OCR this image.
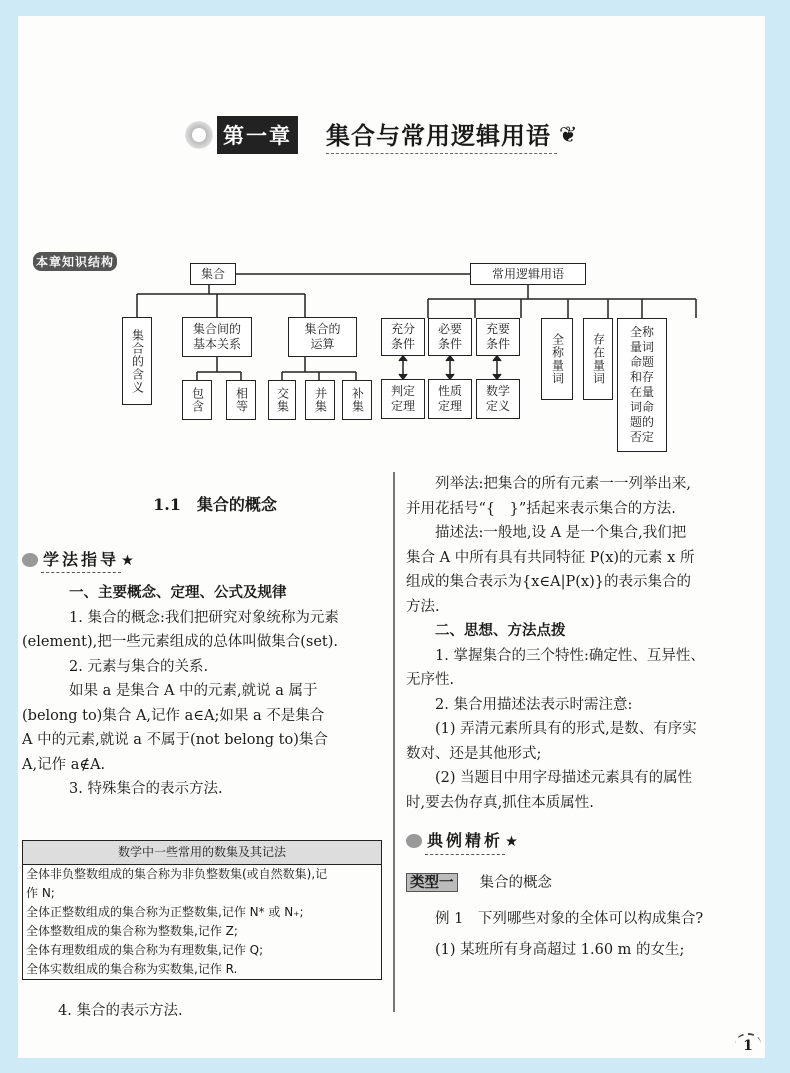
第一章 集合与常用逻辑用语 ❦
本章知识结构
集合	常用逻辑用语
集合的含义	集合间的基本关系
集合的运算
包含	相等	交集	并集	补集
充分条件
必要条件
充要条件
判定定理
性质定理
数学定义
全称量词	存在量词
全称量词命题和存在量词命题的否定

1.1　集合的概念

学法指导 ★

一、主要概念、定理、公式及规律

1. 集合的概念:我们把研究对象统称为元素

(element),把一些元素组成的总体叫做集合(set).

2. 元素与集合的关系.

如果 a 是集合 A 中的元素,就说 a 属于

(belong to)集合 A,记作 a∈A;如果 a 不是集合

A 中的元素,就说 a 不属于(not belong to)集合

A,记作 a∉A.

3. 特殊集合的表示方法.

数学中一些常用的数集及其记法
全体非负整数组成的集合称为非负整数集(或自然数集),记
作 N;
全体正整数组成的集合称为正整数集,记作 N* 或 N₊;
全体整数组成的集合称为整数集,记作 Z;
全体有理数组成的集合称为有理数集,记作 Q;
全体实数组成的集合称为实数集,记作 R.

4. 集合的表示方法.

列举法:把集合的所有元素一一列举出来,

并用花括号“{　}”括起来表示集合的方法.

描述法:一般地,设 A 是一个集合,我们把

集合 A 中所有具有共同特征 P(x)的元素 x 所

组成的集合表示为{x∈A|P(x)}的表示集合的

方法.

二、思想、方法点拨

1. 掌握集合的三个特性:确定性、互异性、

无序性.

2. 集合用描述法表示时需注意:

(1) 弄清元素所具有的形式,是数、有序实

数对、还是其他形式;

(2) 当题目中用字母描述元素具有的属性

时,要去伪存真,抓住本质属性.

典例精析 ★

类型一 集合的概念

例 1　下列哪些对象的全体可以构成集合?

(1) 某班所有身高超过 1.60 m 的女生;

1
